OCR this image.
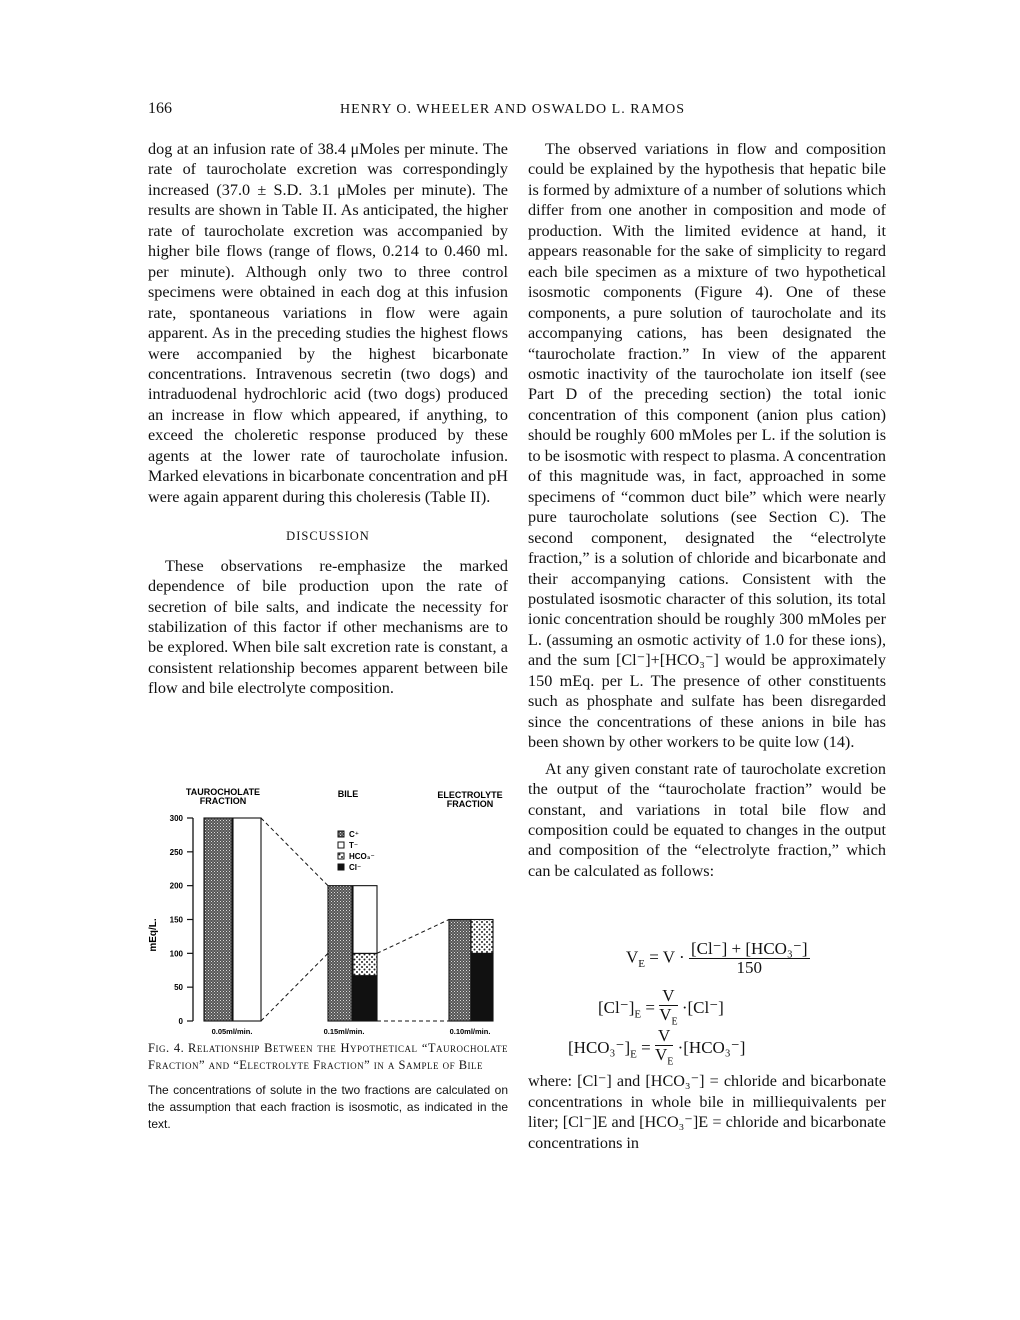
166	HENRY O. WHEELER AND OSWALDO L. RAMOS

dog at an infusion rate of 38.4 μMoles per minute. The rate of taurocholate excretion was correspondingly increased (37.0 ± S.D. 3.1 μMoles per minute). The results are shown in Table II. As anticipated, the higher rate of taurocholate excretion was accompanied by higher bile flows (range of flows, 0.214 to 0.460 ml. per minute). Although only two to three control specimens were obtained in each dog at this infusion rate, spontaneous variations in flow were again apparent. As in the preceding studies the highest flows were accompanied by the highest bicarbonate concentrations. Intravenous secretin (two dogs) and intraduodenal hydrochloric acid (two dogs) produced an increase in flow which appeared, if anything, to exceed the choleretic response produced by these agents at the lower rate of taurocholate infusion. Marked elevations in bicarbonate concentration and pH were again apparent during this choleresis (Table II).

DISCUSSION

These observations re-emphasize the marked dependence of bile production upon the rate of secretion of bile salts, and indicate the necessity for stabilization of this factor if other mechanisms are to be explored. When bile salt excretion rate is constant, a consistent relationship becomes apparent between bile flow and bile electrolyte composition.

TAUROCHOLATE
FRACTION
BILE	ELECTROLYTE
FRACTION
mEq/L.
300
250
200
150
100
50
0
C⁺
T⁻
HCO₃⁻
Cl⁻
0.05ml/min.	0.15ml/min.	0.10ml/min.
Fig. 4. Relationship Between the Hypothetical “Taurocholate Fraction” and “Electrolyte Fraction” in a Sample of Bile
The concentrations of solute in the two fractions are calculated on the assumption that each fraction is isosmotic, as indicated in the text.

The observed variations in flow and composition could be explained by the hypothesis that hepatic bile is formed by admixture of a number of solutions which differ from one another in composition and mode of production. With the limited evidence at hand, it appears reasonable for the sake of simplicity to regard each bile specimen as a mixture of two hypothetical isosmotic components (Figure 4). One of these components, a pure solution of taurocholate and its accompanying cations, has been designated the “taurocholate fraction.” In view of the apparent osmotic inactivity of the taurocholate ion itself (see Part D of the preceding section) the total ionic concentration of this component (anion plus cation) should be roughly 600 mMoles per L. if the solution is to be isosmotic with respect to plasma. A concentration of this magnitude was, in fact, approached in some specimens of “common duct bile” which were nearly pure taurocholate solutions (see Section C). The second component, designated the “electrolyte fraction,” is a solution of chloride and bicarbonate and their accompanying cations. Consistent with the postulated isosmotic character of this solution, its total ionic concentration should be roughly 300 mMoles per L. (assuming an osmotic activity of 1.0 for these ions), and the sum [Cl⁻]+[HCO₃⁻] would be approximately 150 mEq. per L. The presence of other constituents such as phosphate and sulfate has been disregarded since the concentrations of these anions in bile has been shown by other workers to be quite low (14).

At any given constant rate of taurocholate excretion the output of the “taurocholate fraction” would be constant, and variations in total bile flow and composition could be equated to changes in the output and composition of the “electrolyte fraction,” which can be calculated as follows:

$V_E = V \cdot \frac{\text{[Cl⁻] + [HCO₃⁻]}}{150}$
$[Cl^-]_E = \frac{V}{V_E} \cdot[Cl^-]$
$[HCO_3^-]_E = \frac{V}{V_E} \cdot[HCO_3^-]$
where: [Cl⁻] and [HCO₃⁻] = chloride and bicarbonate concentrations in whole bile in milliequivalents per liter; [Cl⁻]E and [HCO₃⁻]E = chloride and bicarbonate concentrations in
